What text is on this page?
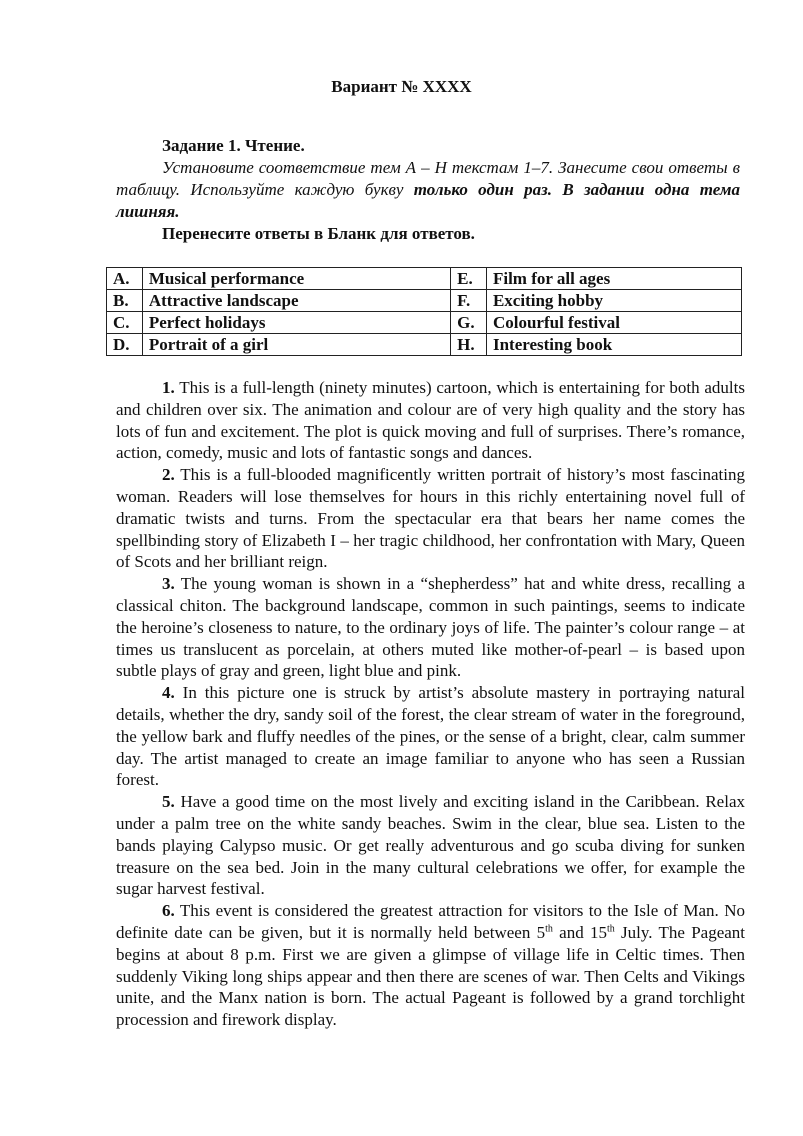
Вариант № XXXX
Задание 1. Чтение.
Установите соответствие тем А – Н текстам 1–7. Занесите свои ответы в таблицу. Используйте каждую букву только один раз. В задании одна тема лишняя.
Перенесите ответы в Бланк для ответов.
A.	Musical performance	E.	Film for all ages
B.	Attractive landscape	F.	Exciting hobby
C.	Perfect holidays	G.	Colourful festival
D.	Portrait of a girl	H.	Interesting book

1. This is a full-length (ninety minutes) cartoon, which is entertaining for both adults and children over six. The animation and colour are of very high quality and the story has lots of fun and excitement. The plot is quick moving and full of surprises. There’s romance, action, comedy, music and lots of fantastic songs and dances.

2. This is a full-blooded magnificently written portrait of history’s most fascinating woman. Readers will lose themselves for hours in this richly entertaining novel full of dramatic twists and turns. From the spectacular era that bears her name comes the spellbinding story of Elizabeth I – her tragic childhood, her confrontation with Mary, Queen of Scots and her brilliant reign.

3. The young woman is shown in a “shepherdess” hat and white dress, recalling a classical chiton. The background landscape, common in such paintings, seems to indicate the heroine’s closeness to nature, to the ordinary joys of life. The painter’s colour range – at times us translucent as porcelain, at others muted like mother-of-pearl – is based upon subtle plays of gray and green, light blue and pink.

4. In this picture one is struck by artist’s absolute mastery in portraying natural details, whether the dry, sandy soil of the forest, the clear stream of water in the foreground, the yellow bark and fluffy needles of the pines, or the sense of a bright, clear, calm summer day. The artist managed to create an image familiar to anyone who has seen a Russian forest.

5. Have a good time on the most lively and exciting island in the Caribbean. Relax under a palm tree on the white sandy beaches. Swim in the clear, blue sea. Listen to the bands playing Calypso music. Or get really adventurous and go scuba diving for sunken treasure on the sea bed. Join in the many cultural celebrations we offer, for example the sugar harvest festival.

6. This event is considered the greatest attraction for visitors to the Isle of Man. No definite date can be given, but it is normally held between 5th and 15th July. The Pageant begins at about 8 p.m. First we are given a glimpse of village life in Celtic times. Then suddenly Viking long ships appear and then there are scenes of war. Then Celts and Vikings unite, and the Manx nation is born. The actual Pageant is followed by a grand torchlight procession and firework display.
